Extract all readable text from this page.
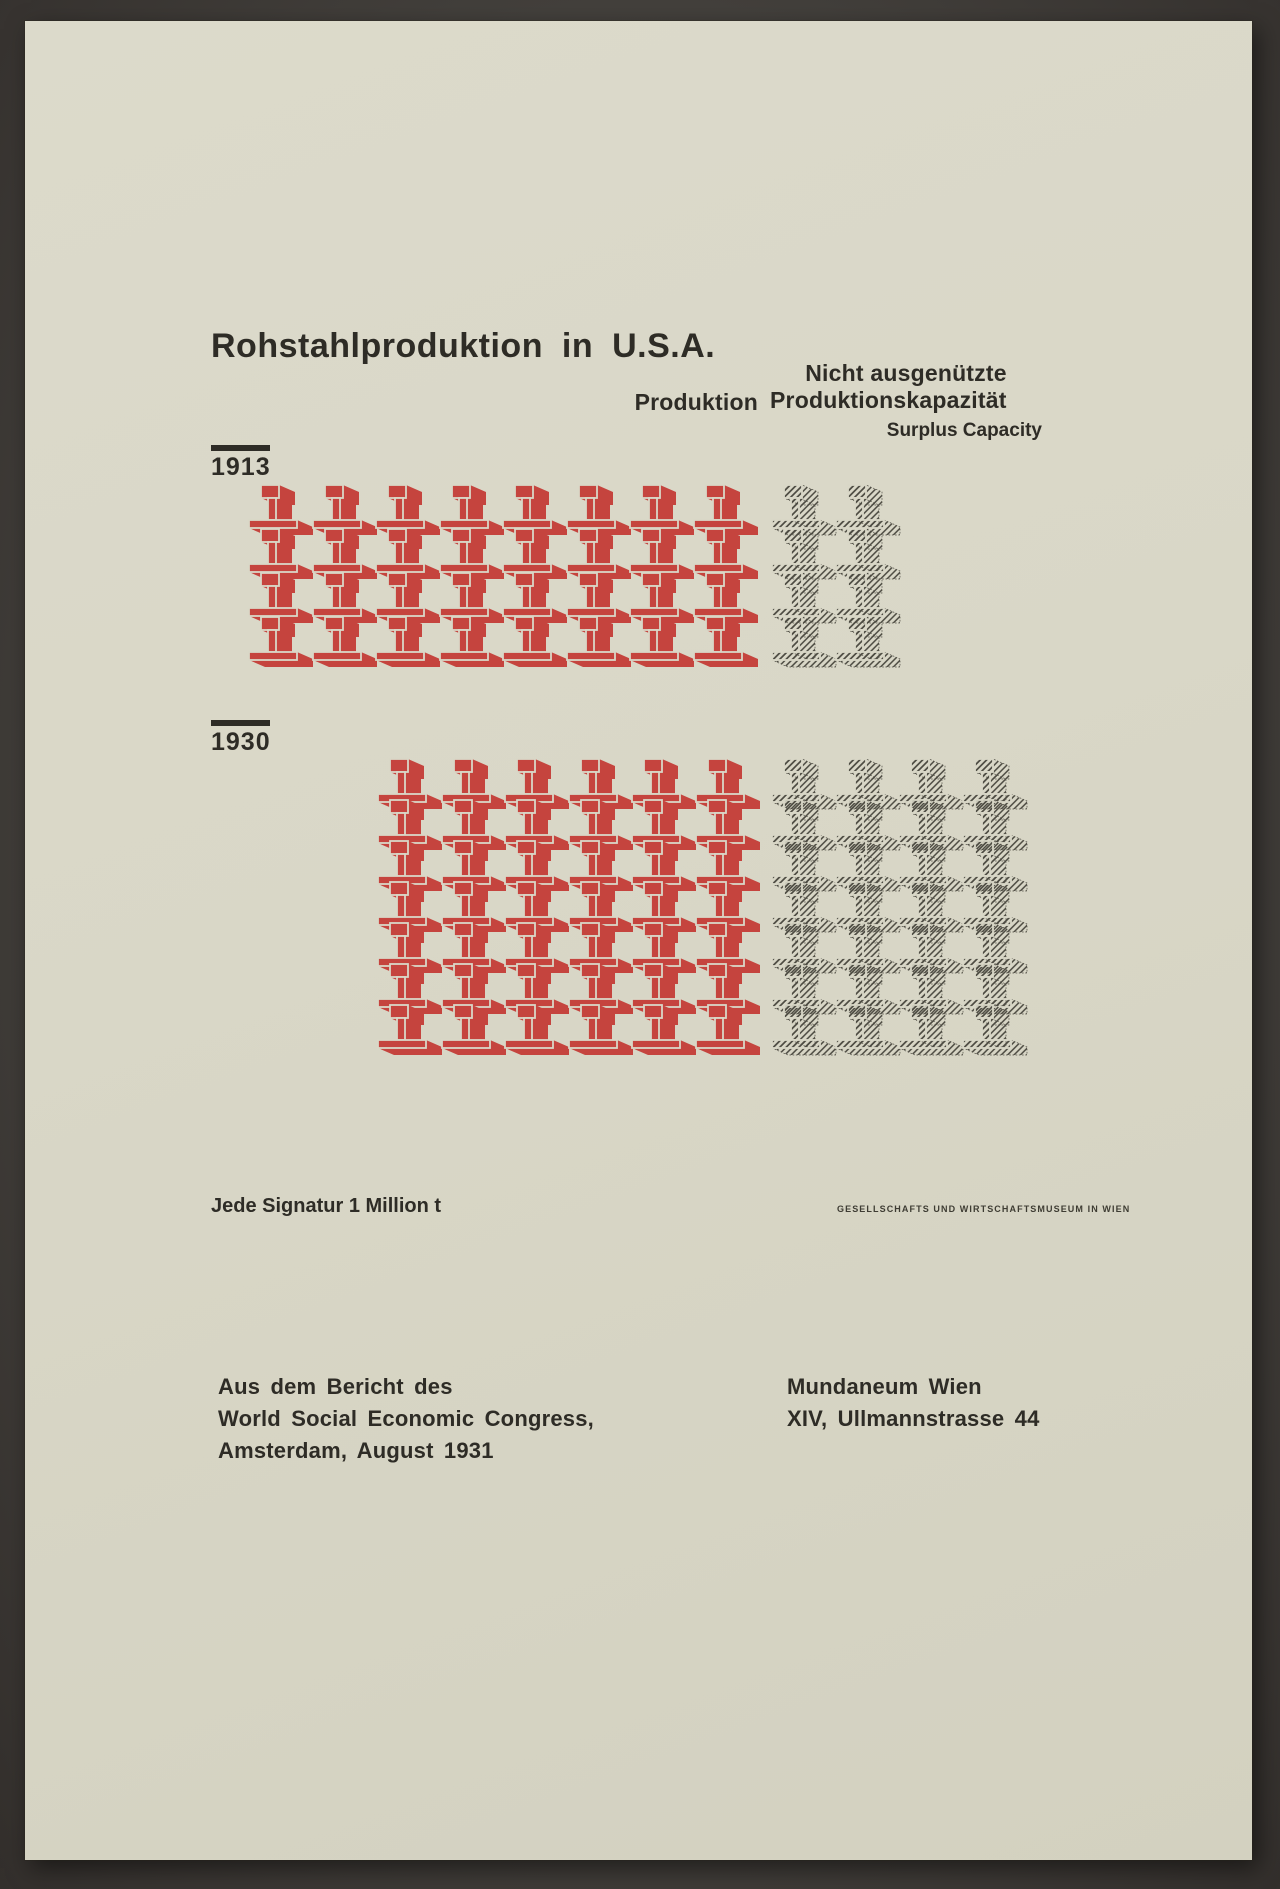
Rohstahlproduktion in U.S.A.
Produktion
Nicht ausgenützte
Produktionskapazität
Surplus Capacity
1913
1930
Jede Signatur 1 Million t	GESELLSCHAFTS UND WIRTSCHAFTSMUSEUM IN WIEN
Aus dem Bericht des
World Social Economic Congress,
Amsterdam, August 1931
Mundaneum Wien
XIV, Ullmannstrasse 44
